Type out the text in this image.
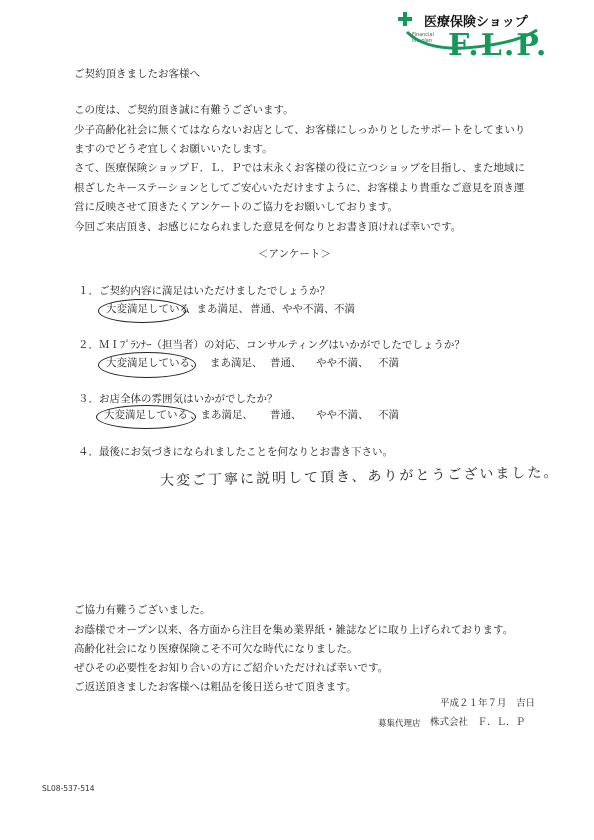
医療保険ショップ
Financial life plan F.L.P.
ご契約頂きましたお客様へ
この度は、ご契約頂き誠に有難うございます。
少子高齢化社会に無くてはならないお店として、お客様にしっかりとしたサポートをしてまいり
ますのでどうぞ宜しくお願いいたします。
さて、医療保険ショップＦ．Ｌ．Ｐでは末永くお客様の役に立つショップを目指し、また地域に
根ざしたキーステーションとしてご安心いただけますように、お客様より貴重なご意見を頂き運
営に反映させて頂きたくアンケートのご協力をお願いしております。
今回ご来店頂き、お感じになられました意見を何なりとお書き頂ければ幸いです。
＜アンケート＞
１．ご契約内容に満足はいただけましたでしょうか？
大変満足している
、まあ満足、 普通、 やや不満、 不満
２．ＭＩﾌﾟﾗﾝﾅｰ（担当者）の対応、コンサルティングはいかがでしたでしょうか？
大変満足している、 まあ満足、 普通、 やや不満、 不満
３．お店全体の雰囲気はいかがでしたか？
大変満足している 、まあ満足、 普通、 やや不満、 不満
４．最後にお気づきになられましたことを何なりとお書き下さい。
大変ご丁寧に説明して頂き、ありがとうございました。
ご協力有難うございました。
お蔭様でオープン以来、各方面から注目を集め業界紙・雑誌などに取り上げられております。
高齢化社会になり医療保険こそ不可欠な時代になりました。
ぜひその必要性をお知り合いの方にご紹介いただければ幸いです。
ご返送頂きましたお客様へは粗品を後日送らせて頂きます。
平成２１年７月　吉日
募集代理店 株式会社　Ｆ．Ｌ．Ｐ
SL08-537-514
